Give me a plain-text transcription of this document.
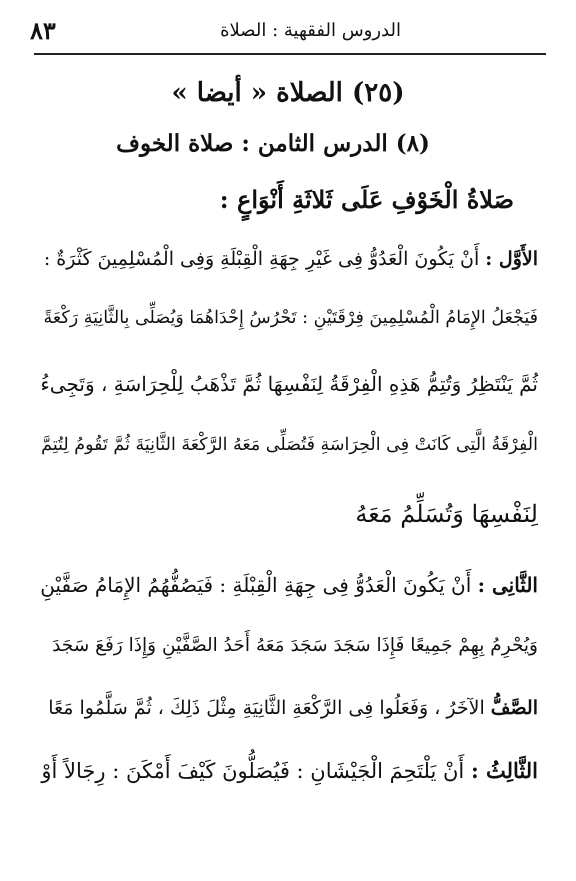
الدروس الفقهية : الصلاة
٨٣
(٢٥) الصلاة « أيضا »
(٨) الدرس الثامن : صلاة الخوف
صَلاةُ الْخَوْفِ عَلَى ثَلاثَةِ أَنْوَاعٍ :
الأَوَّل : أَنْ يَكُونَ الْعَدُوُّ فِى غَيْرِ جِهَةِ الْقِبْلَةِ وَفِى الْمُسْلِمِينَ كَثْرَةٌ :
فَيَجْعَلُ الإِمَامُ الْمُسْلِمِينَ فِرْقَتَيْنِ : تَحْرُسُ إِحْدَاهُمَا وَيُصَلِّى بِالثَّانِيَةِ رَكْعَةً
ثُمَّ يَنْتَظِرُ وَتُتِمُّ هَذِهِ الْفِرْقَةُ لِنَفْسِهَا ثُمَّ تَذْهَبُ لِلْحِرَاسَةِ ، وَتَجِىءُ
الْفِرْقَةُ الَّتِى كَانَتْ فِى الْحِرَاسَةِ فَتُصَلِّى مَعَهُ الرَّكْعَةَ الثَّانِيَةَ ثُمَّ تَقُومُ لِتُتِمَّ
لِنَفْسِهَا وَتُسَلِّمُ مَعَهُ
الثَّانِى : أَنْ يَكُونَ الْعَدُوُّ فِى جِهَةِ الْقِبْلَةِ : فَيَصُفُّهُمُ الإِمَامُ صَفَّيْنِ
وَيُحْرِمُ بِهِمْ جَمِيعًا فَإِذَا سَجَدَ سَجَدَ مَعَهُ أَحَدُ الصَّفَّيْنِ وَإِذَا رَفَعَ سَجَدَ
الصَّفُّ الآخَرُ ، وَفَعَلُوا فِى الرَّكْعَةِ الثَّانِيَةِ مِثْلَ ذَلِكَ ، ثُمَّ سَلَّمُوا مَعًا
الثَّالِثُ : أَنْ يَلْتَحِمَ الْجَيْشَانِ : فَيُصَلُّونَ كَيْفَ أَمْكَنَ : رِجَالاً أَوْ
